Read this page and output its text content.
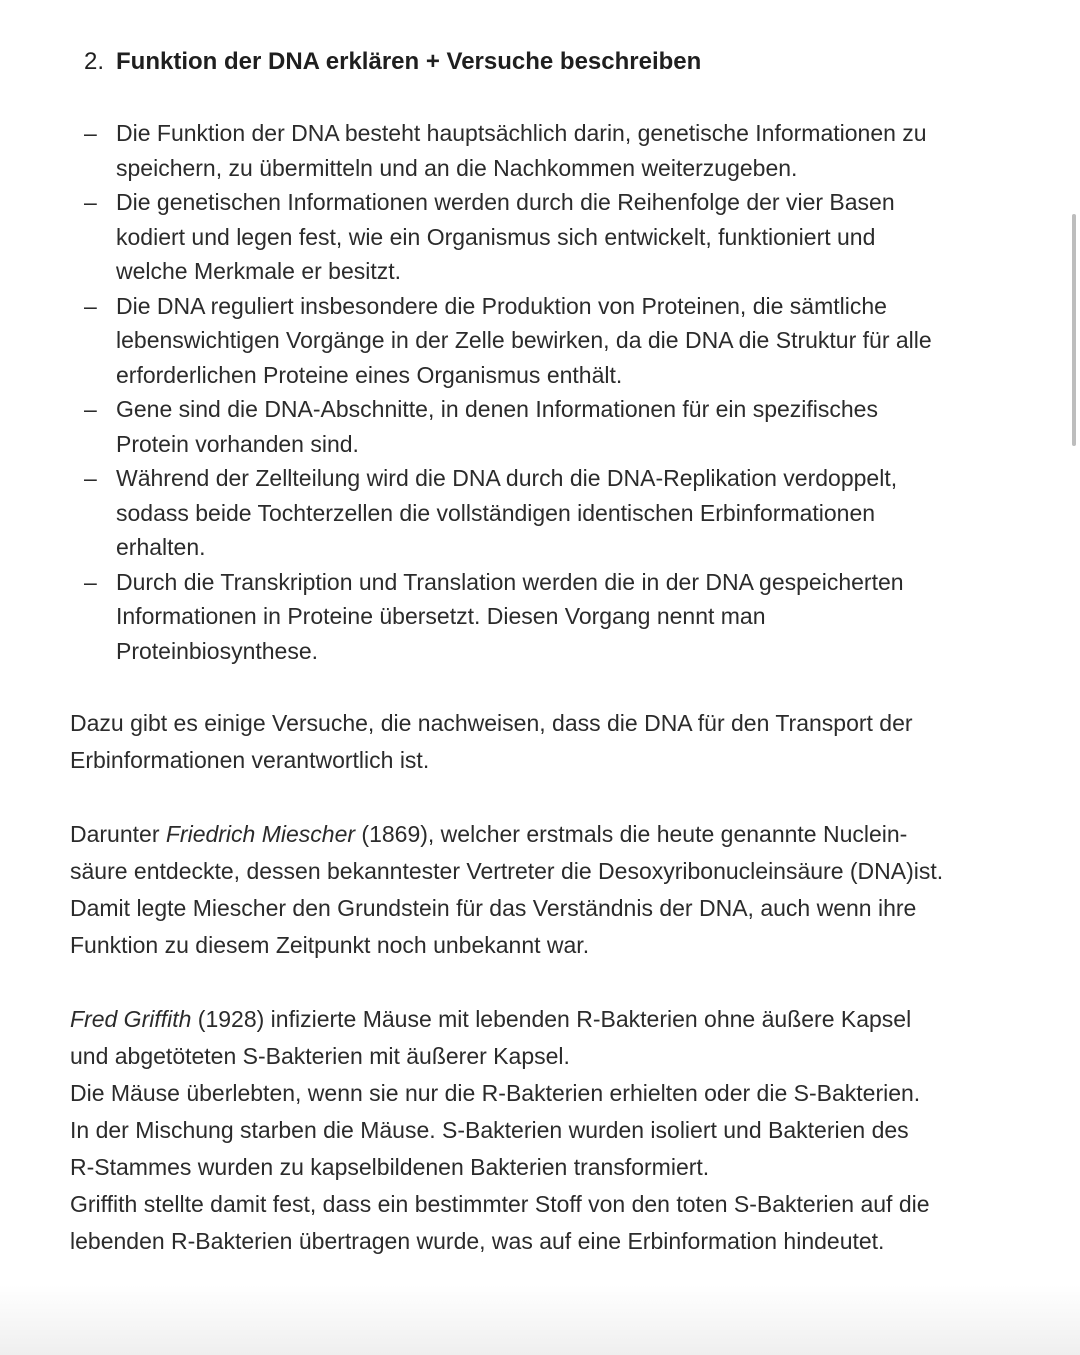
2. Funktion der DNA erklären + Versuche beschreiben
– Die Funktion der DNA besteht hauptsächlich darin, genetische Informationen zu
speichern, zu übermitteln und an die Nachkommen weiterzugeben.
– Die genetischen Informationen werden durch die Reihenfolge der vier Basen
kodiert und legen fest, wie ein Organismus sich entwickelt, funktioniert und
welche Merkmale er besitzt.
– Die DNA reguliert insbesondere die Produktion von Proteinen, die sämtliche
lebenswichtigen Vorgänge in der Zelle bewirken, da die DNA die Struktur für alle
erforderlichen Proteine eines Organismus enthält.
– Gene sind die DNA-Abschnitte, in denen Informationen für ein spezifisches
Protein vorhanden sind.
– Während der Zellteilung wird die DNA durch die DNA-Replikation verdoppelt,
sodass beide Tochterzellen die vollständigen identischen Erbinformationen
erhalten.
– Durch die Transkription und Translation werden die in der DNA gespeicherten
Informationen in Proteine übersetzt. Diesen Vorgang nennt man
Proteinbiosynthese.

Dazu gibt es einige Versuche, die nachweisen, dass die DNA für den Transport der
Erbinformationen verantwortlich ist.

Darunter Friedrich Miescher (1869), welcher erstmals die heute genannte Nuclein-
säure entdeckte, dessen bekanntester Vertreter die Desoxyribonucleinsäure (DNA)ist.
Damit legte Miescher den Grundstein für das Verständnis der DNA, auch wenn ihre
Funktion zu diesem Zeitpunkt noch unbekannt war.

Fred Griffith (1928) infizierte Mäuse mit lebenden R-Bakterien ohne äußere Kapsel
und abgetöteten S-Bakterien mit äußerer Kapsel.
Die Mäuse überlebten, wenn sie nur die R-Bakterien erhielten oder die S-Bakterien.
In der Mischung starben die Mäuse. S-Bakterien wurden isoliert und Bakterien des
R-Stammes wurden zu kapselbildenen Bakterien transformiert.
Griffith stellte damit fest, dass ein bestimmter Stoff von den toten S-Bakterien auf die
lebenden R-Bakterien übertragen wurde, was auf eine Erbinformation hindeutet.
